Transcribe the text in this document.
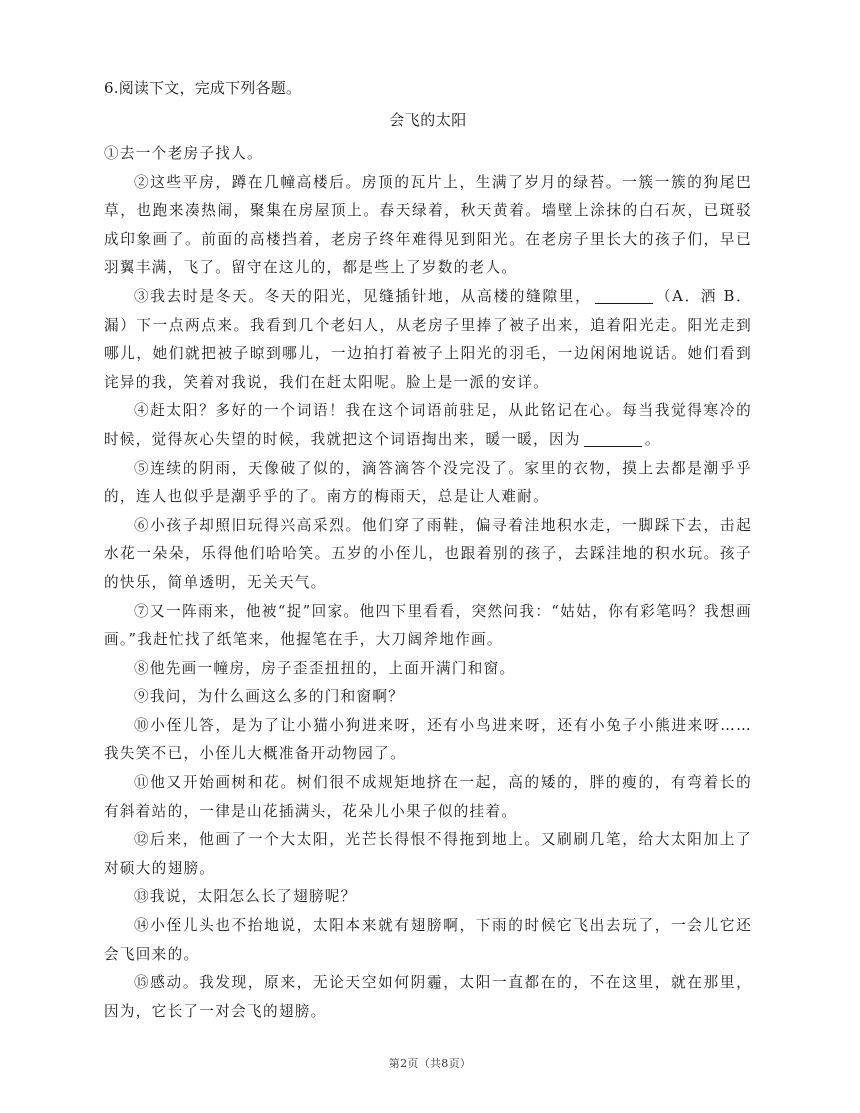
6.阅读下文，完成下列各题。

会飞的太阳

①去一个老房子找人。

②这些平房，蹲在几幢高楼后。房顶的瓦片上，生满了岁月的绿苔。一簇一簇的狗尾巴草，也跑来凑热闹，聚集在房屋顶上。春天绿着，秋天黄着。墙壁上涂抹的白石灰，已斑驳成印象画了。前面的高楼挡着，老房子终年难得见到阳光。在老房子里长大的孩子们，早已羽翼丰满，飞了。留守在这儿的，都是些上了岁数的老人。

③我去时是冬天。冬天的阳光，见缝插针地，从高楼的缝隙里，	（A．洒 B．漏）下一点两点来。我看到几个老妇人，从老房子里捧了被子出来，追着阳光走。阳光走到哪儿，她们就把被子晾到哪儿，一边拍打着被子上阳光的羽毛，一边闲闲地说话。她们看到诧异的我，笑着对我说，我们在赶太阳呢。脸上是一派的安详。

④赶太阳？多好的一个词语！我在这个词语前驻足，从此铭记在心。每当我觉得寒冷的时候，觉得灰心失望的时候，我就把这个词语掏出来，暖一暖，因为	。

⑤连续的阴雨，天像破了似的，滴答滴答个没完没了。家里的衣物，摸上去都是潮乎乎的，连人也似乎是潮乎乎的了。南方的梅雨天，总是让人难耐。

⑥小孩子却照旧玩得兴高采烈。他们穿了雨鞋，偏寻着洼地积水走，一脚踩下去，击起水花一朵朵，乐得他们哈哈笑。五岁的小侄儿，也跟着别的孩子，去踩洼地的积水玩。孩子的快乐，简单透明，无关天气。

⑦又一阵雨来，他被“捉”回家。他四下里看看，突然问我：“姑姑，你有彩笔吗？我想画画。”我赶忙找了纸笔来，他握笔在手，大刀阔斧地作画。

⑧他先画一幢房，房子歪歪扭扭的，上面开满门和窗。

⑨我问，为什么画这么多的门和窗啊？

⑩小侄儿答，是为了让小猫小狗进来呀，还有小鸟进来呀，还有小兔子小熊进来呀……我失笑不已，小侄儿大概准备开动物园了。

⑪他又开始画树和花。树们很不成规矩地挤在一起，高的矮的，胖的瘦的，有弯着长的有斜着站的，一律是山花插满头，花朵儿小果子似的挂着。

⑫后来，他画了一个大太阳，光芒长得恨不得拖到地上。又刷刷几笔，给大太阳加上了对硕大的翅膀。

⑬我说，太阳怎么长了翅膀呢？

⑭小侄儿头也不抬地说，太阳本来就有翅膀啊，下雨的时候它飞出去玩了，一会儿它还会飞回来的。

⑮感动。我发现，原来，无论天空如何阴霾，太阳一直都在的，不在这里，就在那里，因为，它长了一对会飞的翅膀。

第2页（共8页）
